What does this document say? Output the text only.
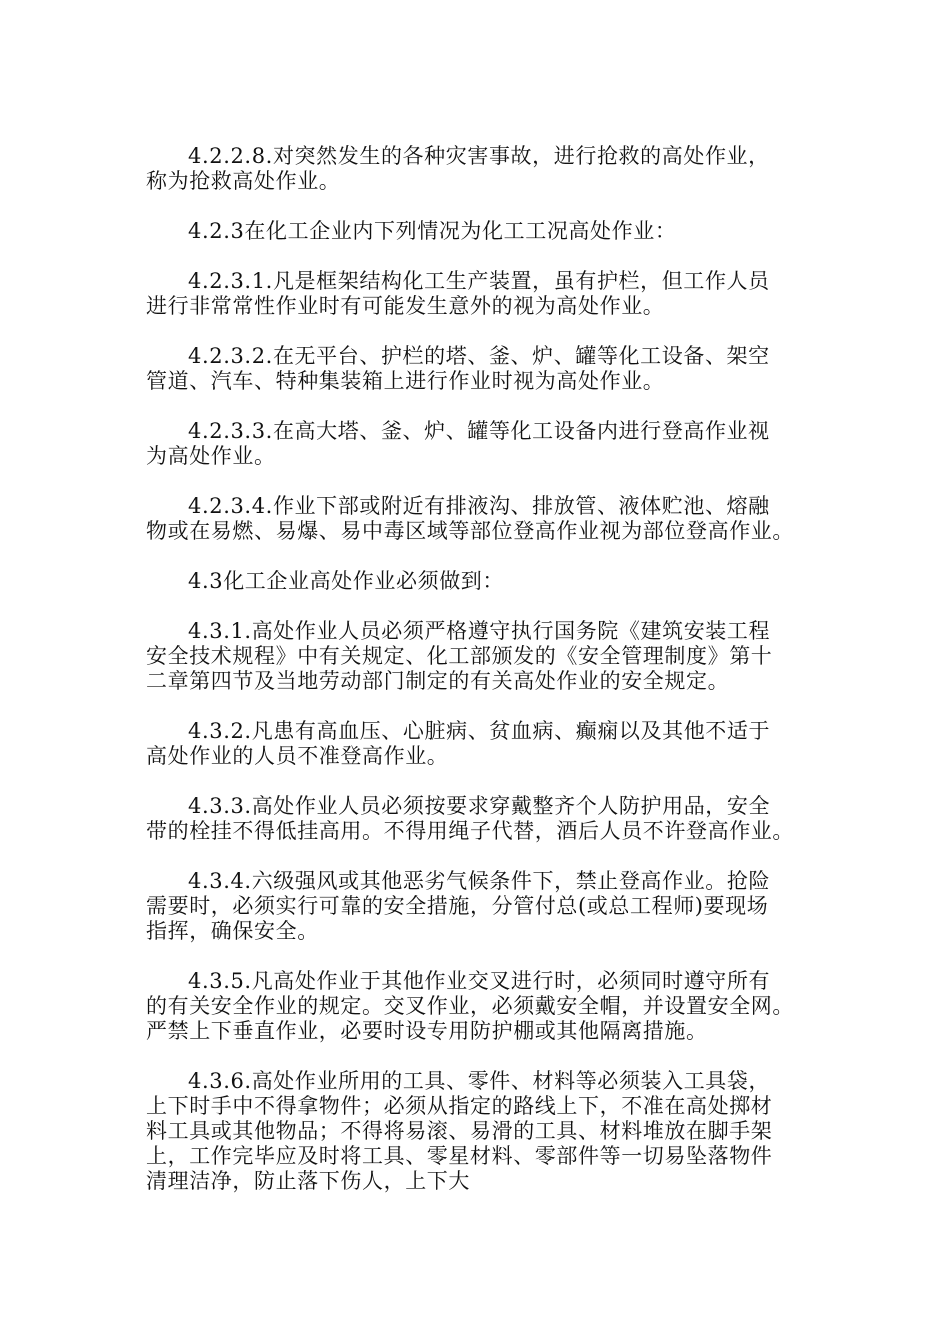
4.2.2.8.对突然发生的各种灾害事故，进行抢救的高处作业，
称为抢救高处作业。

4.2.3在化工企业内下列情况为化工工况高处作业：

4.2.3.1.凡是框架结构化工生产装置，虽有护栏，但工作人员
进行非常常性作业时有可能发生意外的视为高处作业。

4.2.3.2.在无平台、护栏的塔、釜、炉、罐等化工设备、架空
管道、汽车、特种集装箱上进行作业时视为高处作业。

4.2.3.3.在高大塔、釜、炉、罐等化工设备内进行登高作业视
为高处作业。

4.2.3.4.作业下部或附近有排液沟、排放管、液体贮池、熔融
物或在易燃、易爆、易中毒区域等部位登高作业视为部位登高作业。

4.3化工企业高处作业必须做到：

4.3.1.高处作业人员必须严格遵守执行国务院《建筑安装工程
安全技术规程》中有关规定、化工部颁发的《安全管理制度》第十
二章第四节及当地劳动部门制定的有关高处作业的安全规定。

4.3.2.凡患有高血压、心脏病、贫血病、癫痫以及其他不适于
高处作业的人员不准登高作业。

4.3.3.高处作业人员必须按要求穿戴整齐个人防护用品，安全
带的栓挂不得低挂高用。不得用绳子代替，酒后人员不许登高作业。

4.3.4.六级强风或其他恶劣气候条件下，禁止登高作业。抢险
需要时，必须实行可靠的安全措施，分管付总(或总工程师)要现场
指挥，确保安全。

4.3.5.凡高处作业于其他作业交叉进行时，必须同时遵守所有
的有关安全作业的规定。交叉作业，必须戴安全帽，并设置安全网。
严禁上下垂直作业，必要时设专用防护棚或其他隔离措施。

4.3.6.高处作业所用的工具、零件、材料等必须装入工具袋，
上下时手中不得拿物件；必须从指定的路线上下，不准在高处掷材
料工具或其他物品；不得将易滚、易滑的工具、材料堆放在脚手架
上，工作完毕应及时将工具、零星材料、零部件等一切易坠落物件
清理洁净，防止落下伤人，上下大
